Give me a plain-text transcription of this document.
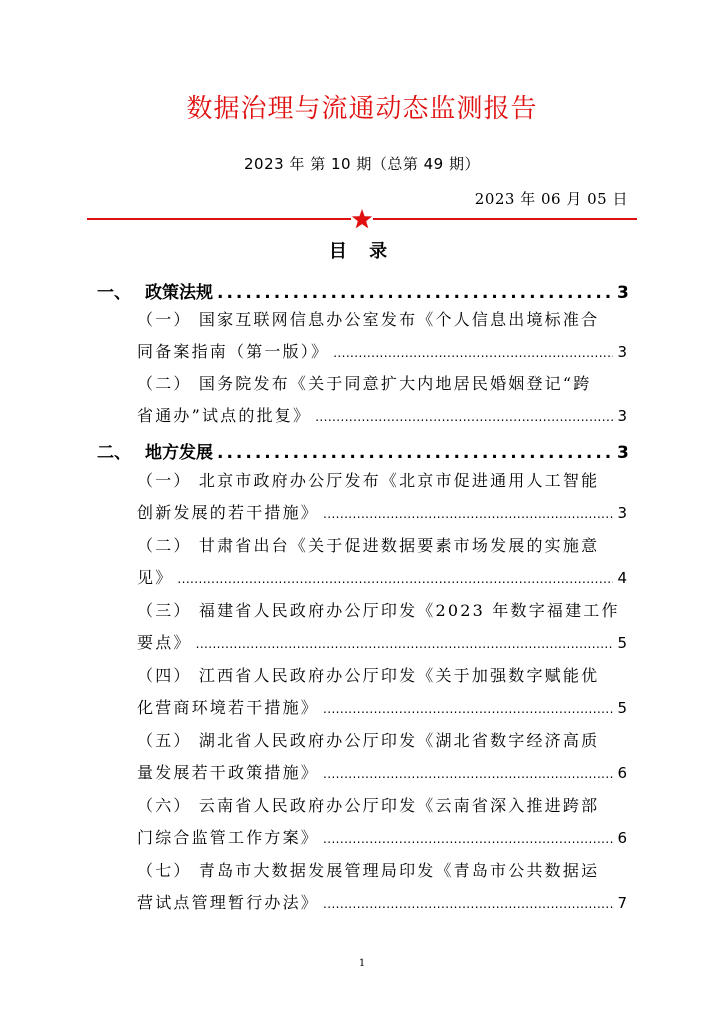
数据治理与流通动态监测报告
2023 年 第 10 期（总第 49 期）
2023 年 06 月 05 日
目 录
一、 政策法规 .....	3
（一） 国家互联网信息办公室发布《个人信息出境标准合
同备案指南（第一版）》 .....	3
（二） 国务院发布《关于同意扩大内地居民婚姻登记“跨
省通办”试点的批复》 .....	3
二、 地方发展 .....	3
（一） 北京市政府办公厅发布《北京市促进通用人工智能
创新发展的若干措施》 .....	3
（二） 甘肃省出台《关于促进数据要素市场发展的实施意
见》 .....	4
（三） 福建省人民政府办公厅印发《2023 年数字福建工作
要点》 .....	5
（四） 江西省人民政府办公厅印发《关于加强数字赋能优
化营商环境若干措施》 .....	5
（五） 湖北省人民政府办公厅印发《湖北省数字经济高质
量发展若干政策措施》 .....	6
（六） 云南省人民政府办公厅印发《云南省深入推进跨部
门综合监管工作方案》 .....	6
（七） 青岛市大数据发展管理局印发《青岛市公共数据运
营试点管理暂行办法》 .....	7
1
